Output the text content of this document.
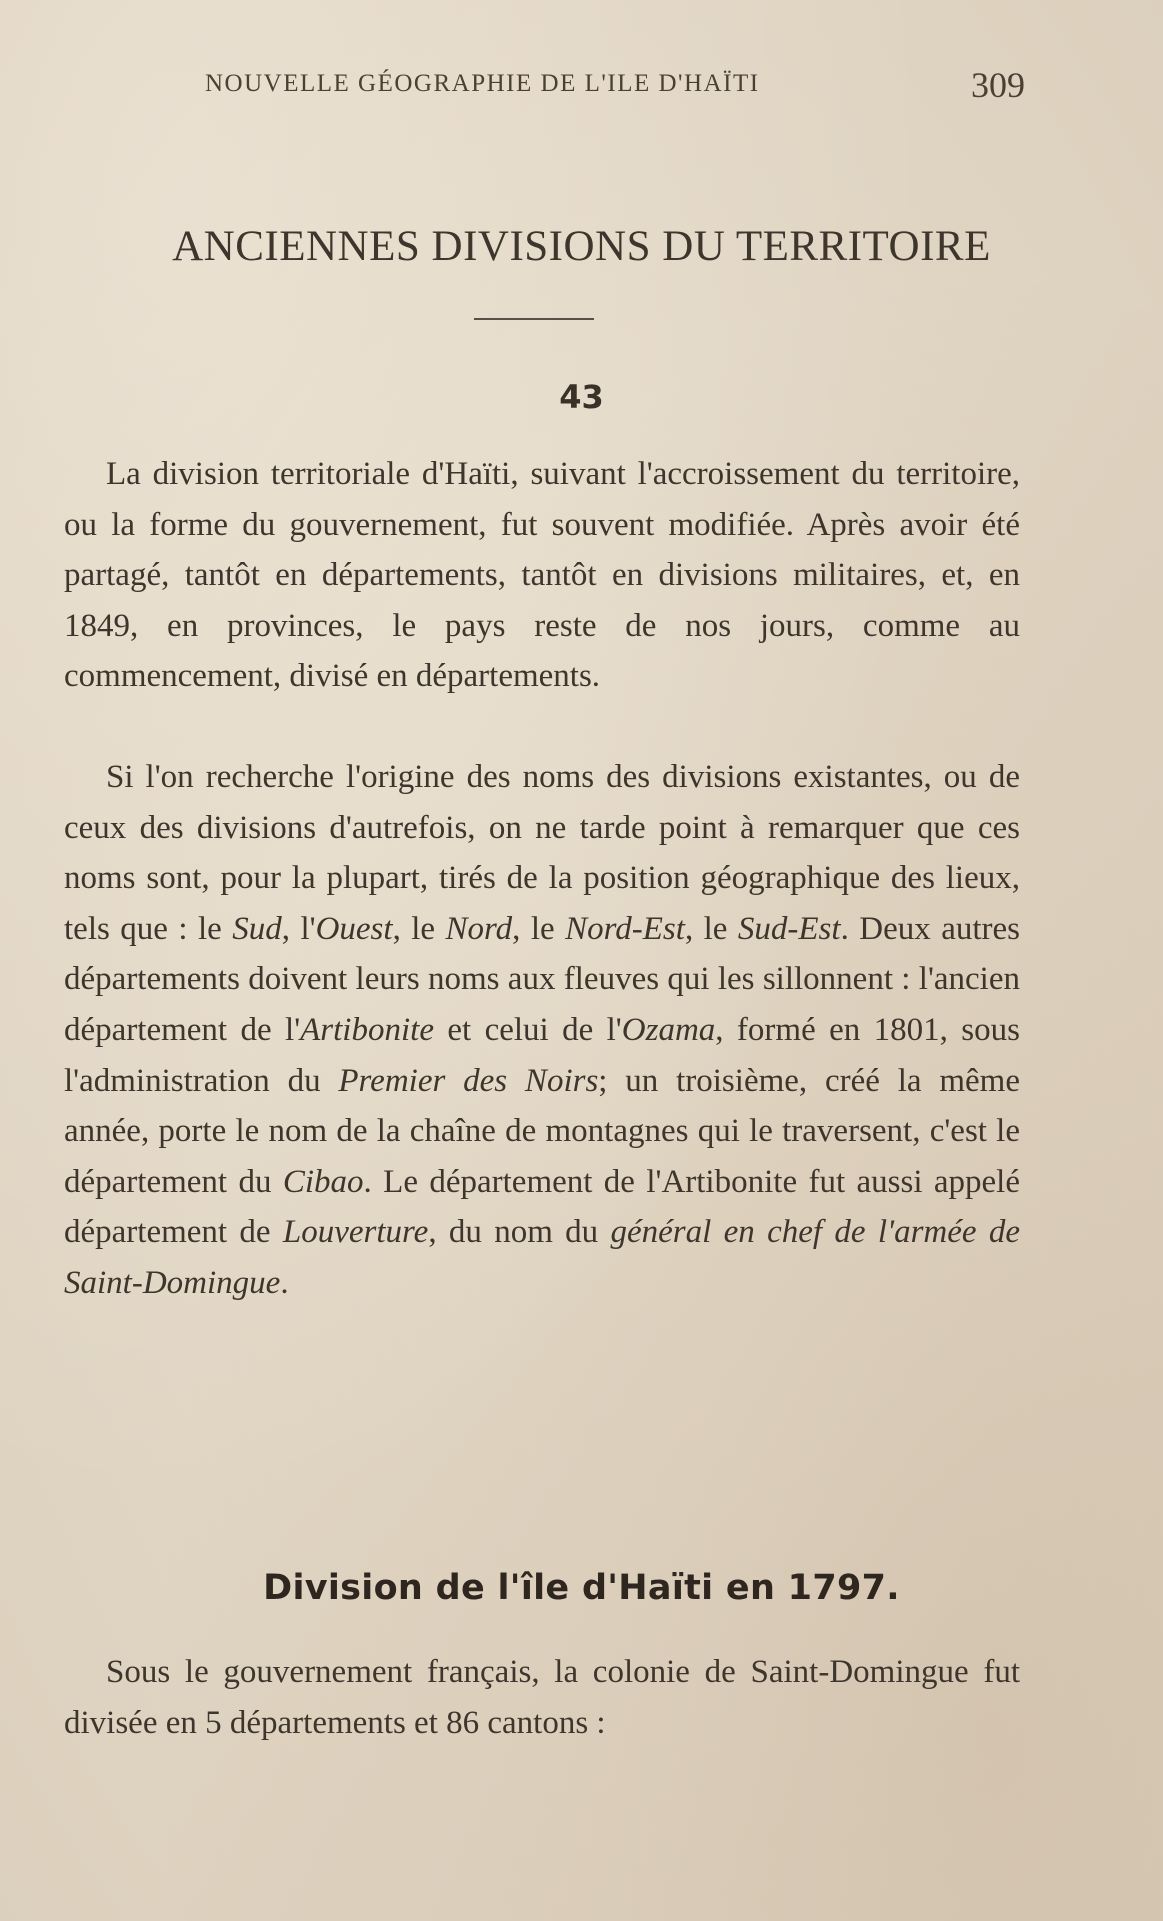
NOUVELLE GÉOGRAPHIE DE L'ILE D'HAÏTI	309
ANCIENNES DIVISIONS DU TERRITOIRE
43

La division territoriale d'Haïti, suivant l'accroissement du territoire, ou la forme du gouvernement, fut souvent modifiée. Après avoir été partagé, tantôt en départements, tantôt en divisions militaires, et, en 1849, en provinces, le pays reste de nos jours, comme au commencement, divisé en départements.

Si l'on recherche l'origine des noms des divisions existantes, ou de ceux des divisions d'autrefois, on ne tarde point à remarquer que ces noms sont, pour la plupart, tirés de la position géographique des lieux, tels que : le Sud, l'Ouest, le Nord, le Nord-Est, le Sud-Est. Deux autres départements doivent leurs noms aux fleuves qui les sillonnent : l'ancien département de l'Artibonite et celui de l'Ozama, formé en 1801, sous l'administration du Premier des Noirs; un troisième, créé la même année, porte le nom de la chaîne de montagnes qui le traversent, c'est le département du Cibao. Le département de l'Artibonite fut aussi appelé département de Louverture, du nom du général en chef de l'armée de Saint-Domingue.

Division de l'île d'Haïti en 1797.

Sous le gouvernement français, la colonie de Saint-Domingue fut divisée en 5 départements et 86 cantons :
